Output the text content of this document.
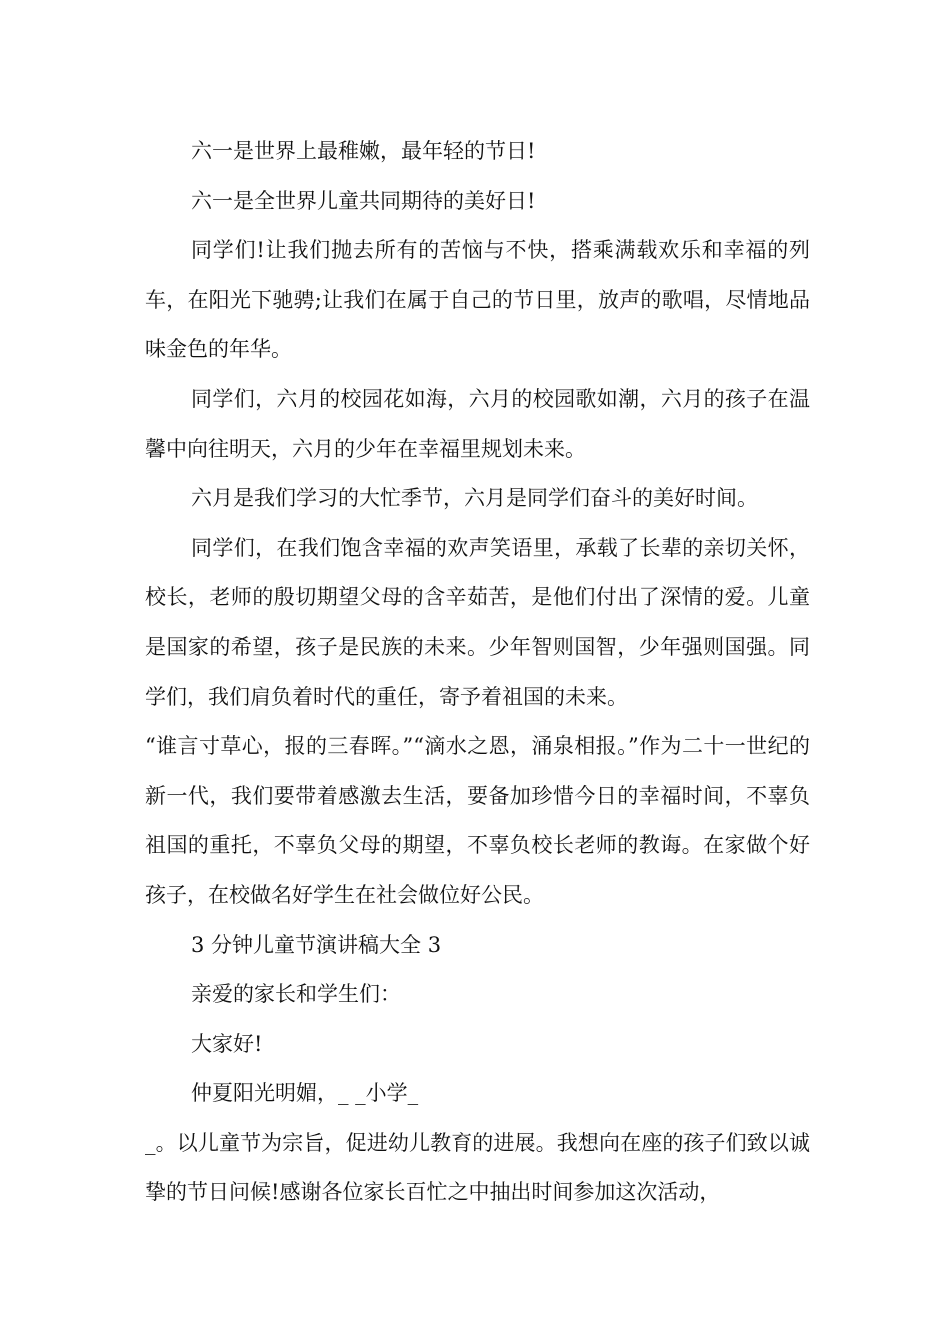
六一是世界上最稚嫩，最年轻的节日!

六一是全世界儿童共同期待的美好日!

同学们!让我们抛去所有的苦恼与不快，搭乘满载欢乐和幸福的列车，在阳光下驰骋;让我们在属于自己的节日里，放声的歌唱，尽情地品味金色的年华。

同学们，六月的校园花如海，六月的校园歌如潮，六月的孩子在温馨中向往明天，六月的少年在幸福里规划未来。

六月是我们学习的大忙季节，六月是同学们奋斗的美好时间。

同学们，在我们饱含幸福的欢声笑语里，承载了长辈的亲切关怀，校长，老师的殷切期望父母的含辛茹苦，是他们付出了深情的爱。儿童是国家的希望，孩子是民族的未来。少年智则国智，少年强则国强。同学们，我们肩负着时代的重任，寄予着祖国的未来。

“谁言寸草心，报的三春晖。”“滴水之恩，涌泉相报。”作为二十一世纪的新一代，我们要带着感激去生活，要备加珍惜今日的幸福时间，不辜负祖国的重托，不辜负父母的期望，不辜负校长老师的教诲。在家做个好孩子，在校做名好学生在社会做位好公民。

3 分钟儿童节演讲稿大全 3

亲爱的家长和学生们：

大家好!

仲夏阳光明媚，_ _小学_

_。以儿童节为宗旨，促进幼儿教育的进展。我想向在座的孩子们致以诚挚的节日问候!感谢各位家长百忙之中抽出时间参加这次活动，
